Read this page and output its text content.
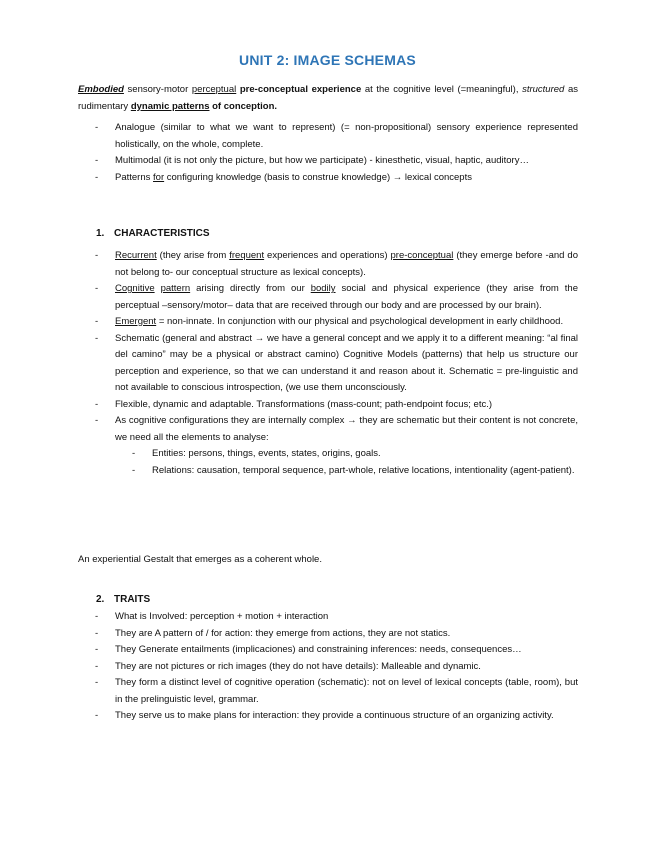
UNIT 2: IMAGE SCHEMAS

Embodied sensory-motor perceptual pre-conceptual experience at the cognitive level (=meaningful), structured as rudimentary dynamic patterns of conception.

- Analogue (similar to what we want to represent) (= non-propositional) sensory experience represented holistically, on the whole, complete.
- Multimodal (it is not only the picture, but how we participate) - kinesthetic, visual, haptic, auditory…
- Patterns for configuring knowledge (basis to construe knowledge) → lexical concepts
1. CHARACTERISTICS
- Recurrent (they arise from frequent experiences and operations) pre-conceptual (they emerge before -and do not belong to- our conceptual structure as lexical concepts).
- Cognitive pattern arising directly from our bodily social and physical experience (they arise from the perceptual –sensory/motor– data that are received through our body and are processed by our brain).
- Emergent = non-innate. In conjunction with our physical and psychological development in early childhood.
- Schematic (general and abstract → we have a general concept and we apply it to a different meaning: “al final del camino” may be a physical or abstract camino) Cognitive Models (patterns) that help us structure our perception and experience, so that we can understand it and reason about it. Schematic = pre-linguistic and not available to conscious introspection, (we use them unconsciously.
- Flexible, dynamic and adaptable. Transformations (mass-count; path-endpoint focus; etc.)
- As cognitive configurations they are internally complex → they are schematic but their content is not concrete, we need all the elements to analyse:
- Entities: persons, things, events, states, origins, goals.
- Relations: causation, temporal sequence, part-whole, relative locations, intentionality (agent-patient).

An experiential Gestalt that emerges as a coherent whole.

2. TRAITS
- What is Involved: perception + motion + interaction
- They are A pattern of / for action: they emerge from actions, they are not statics.
- They Generate entailments (implicaciones) and constraining inferences: needs, consequences…
- They are not pictures or rich images (they do not have details): Malleable and dynamic.
- They form a distinct level of cognitive operation (schematic): not on level of lexical concepts (table, room), but in the prelinguistic level, grammar.
- They serve us to make plans for interaction: they provide a continuous structure of an organizing activity.
